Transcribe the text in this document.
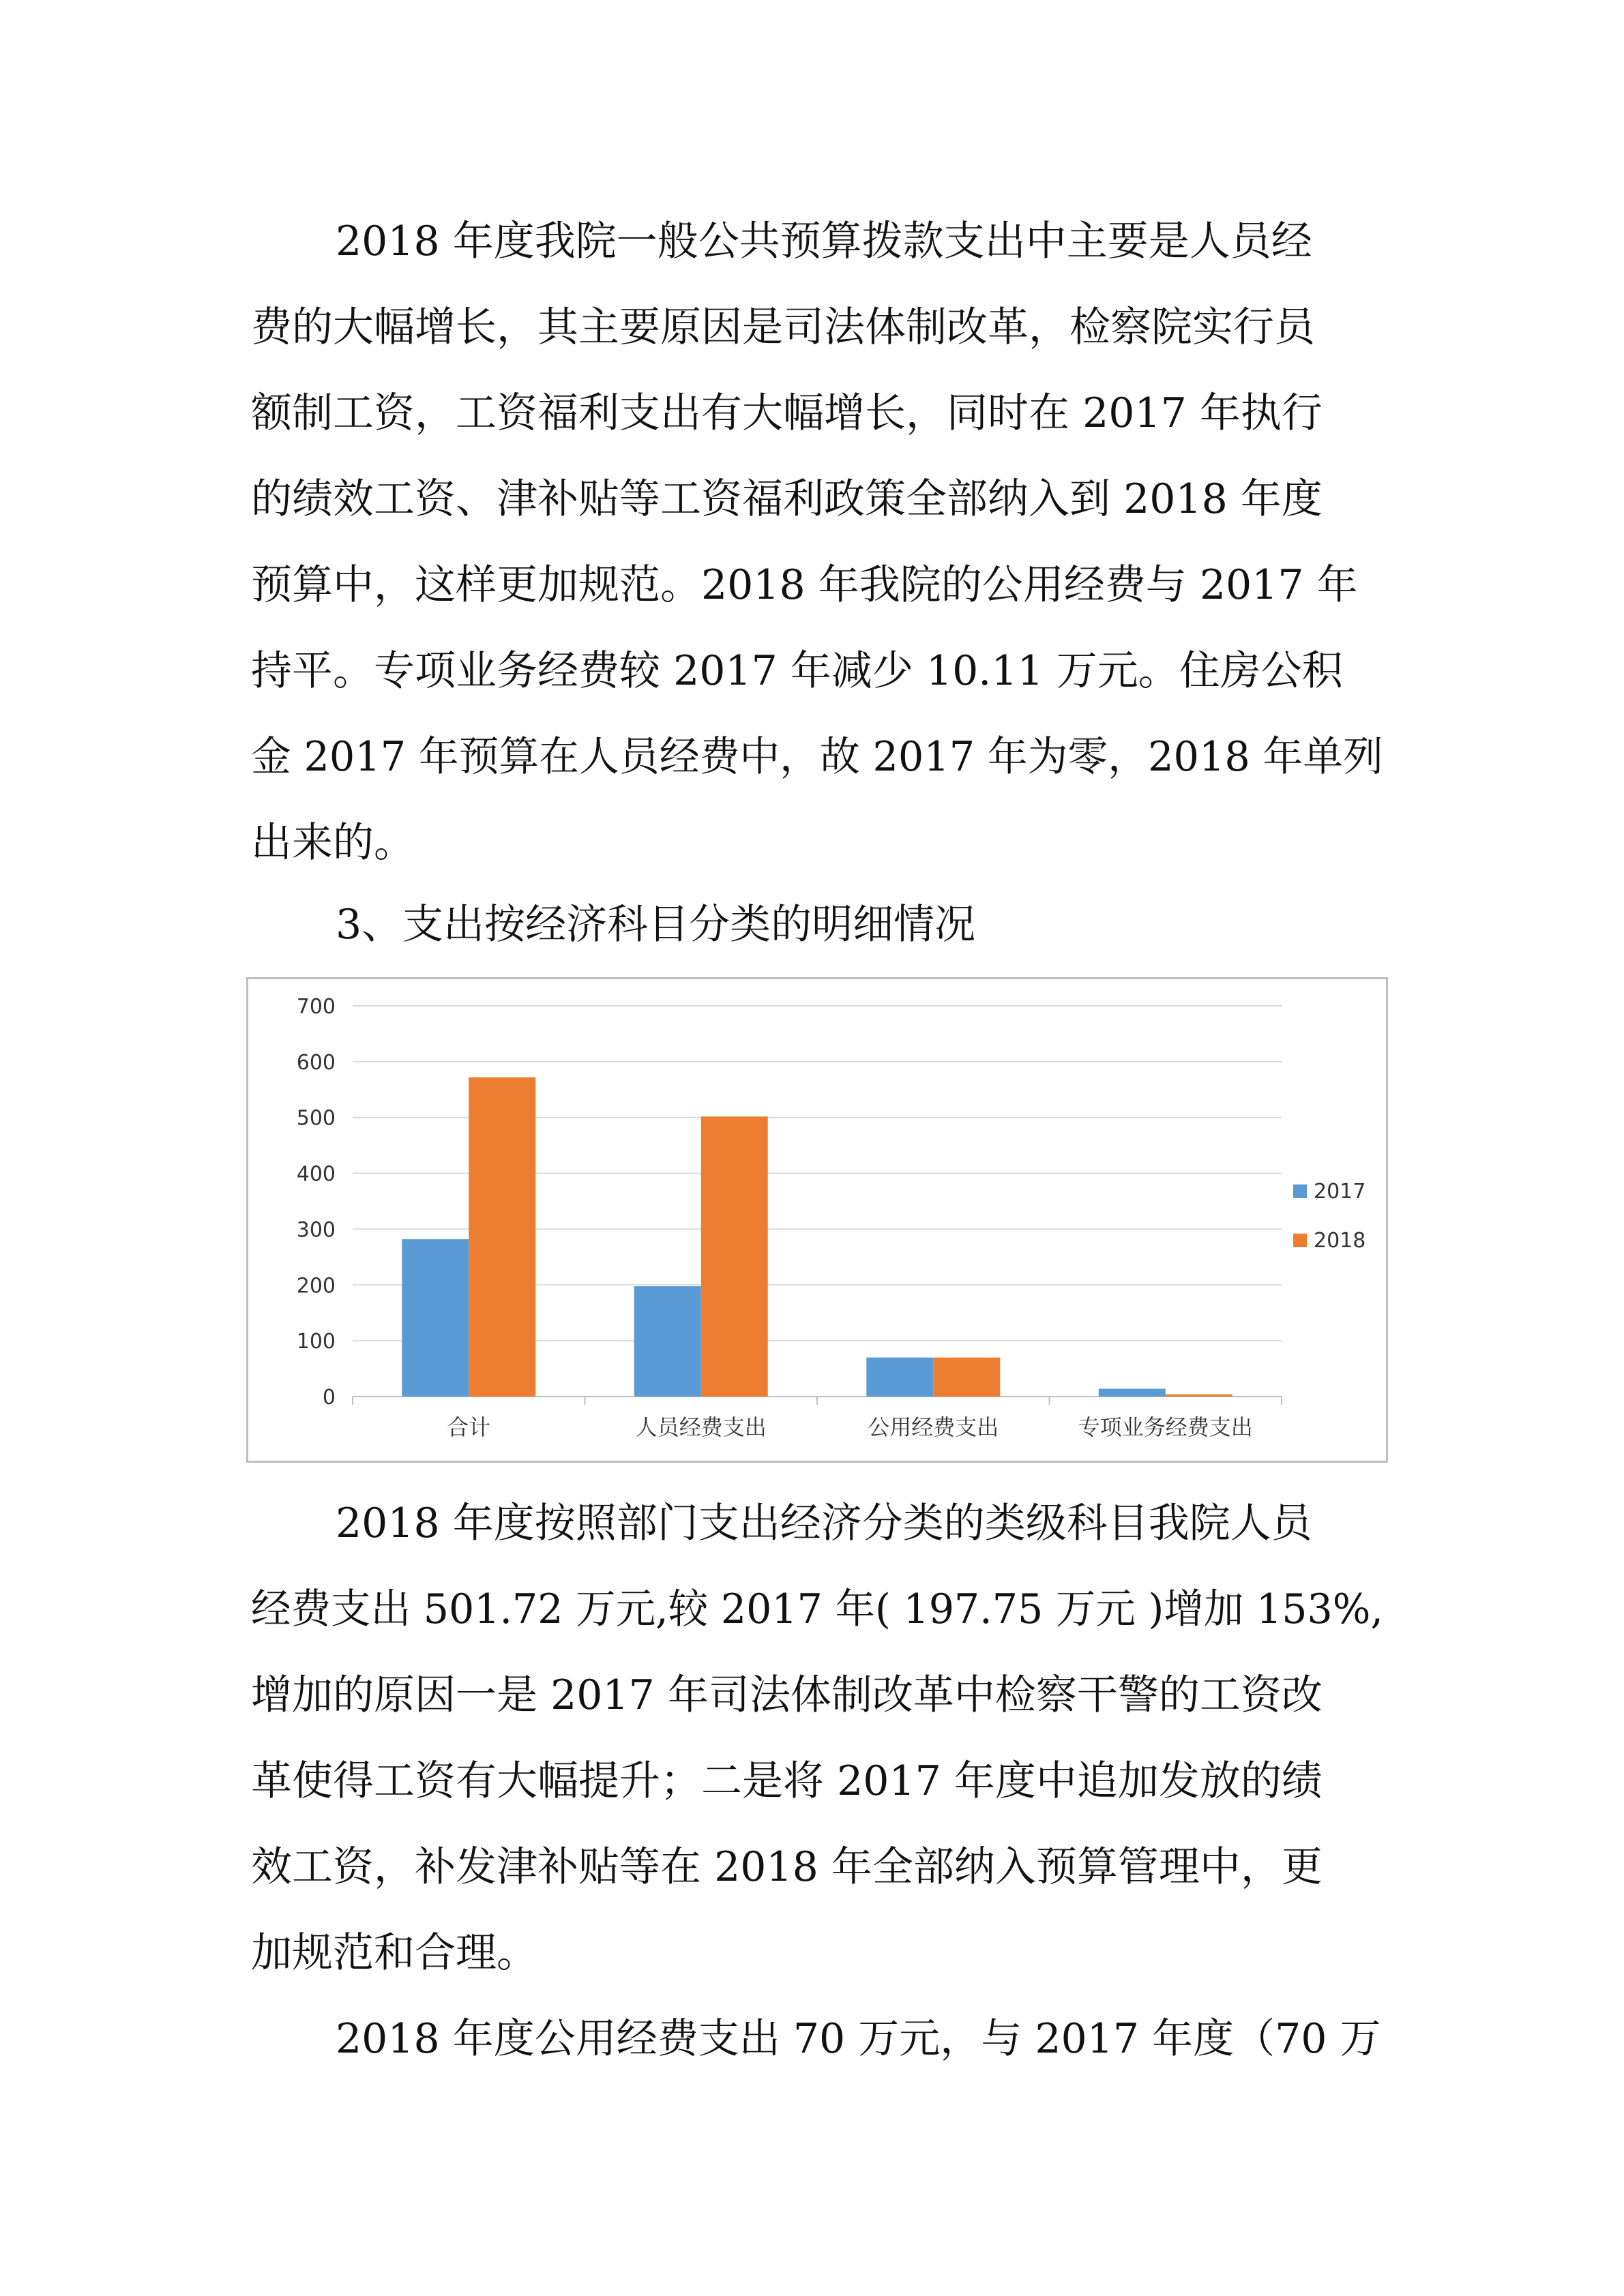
2018 年度我院一般公共预算拨款支出中主要是人员经
费的大幅增长，其主要原因是司法体制改革，检察院实行员
额制工资，工资福利支出有大幅增长，同时在 2017 年执行
的绩效工资、津补贴等工资福利政策全部纳入到 2018 年度
预算中，这样更加规范。2018 年我院的公用经费与 2017 年
持平。专项业务经费较 2017 年减少 10.11 万元。住房公积
金 2017 年预算在人员经费中，故 2017 年为零，2018 年单列
出来的。
3、支出按经济科目分类的明细情况
0
100
200
300
400
500
600
700
合计	人员经费支出	公用经费支出	专项业务经费支出
2017
2018
2018 年度按照部门支出经济分类的类级科目我院人员
经费支出 501.72 万元,较 2017 年( 197.75 万元 )增加 153%,
增加的原因一是 2017 年司法体制改革中检察干警的工资改
革使得工资有大幅提升；二是将 2017 年度中追加发放的绩
效工资，补发津补贴等在 2018 年全部纳入预算管理中，更
加规范和合理。
2018 年度公用经费支出 70 万元，与 2017 年度（70 万
